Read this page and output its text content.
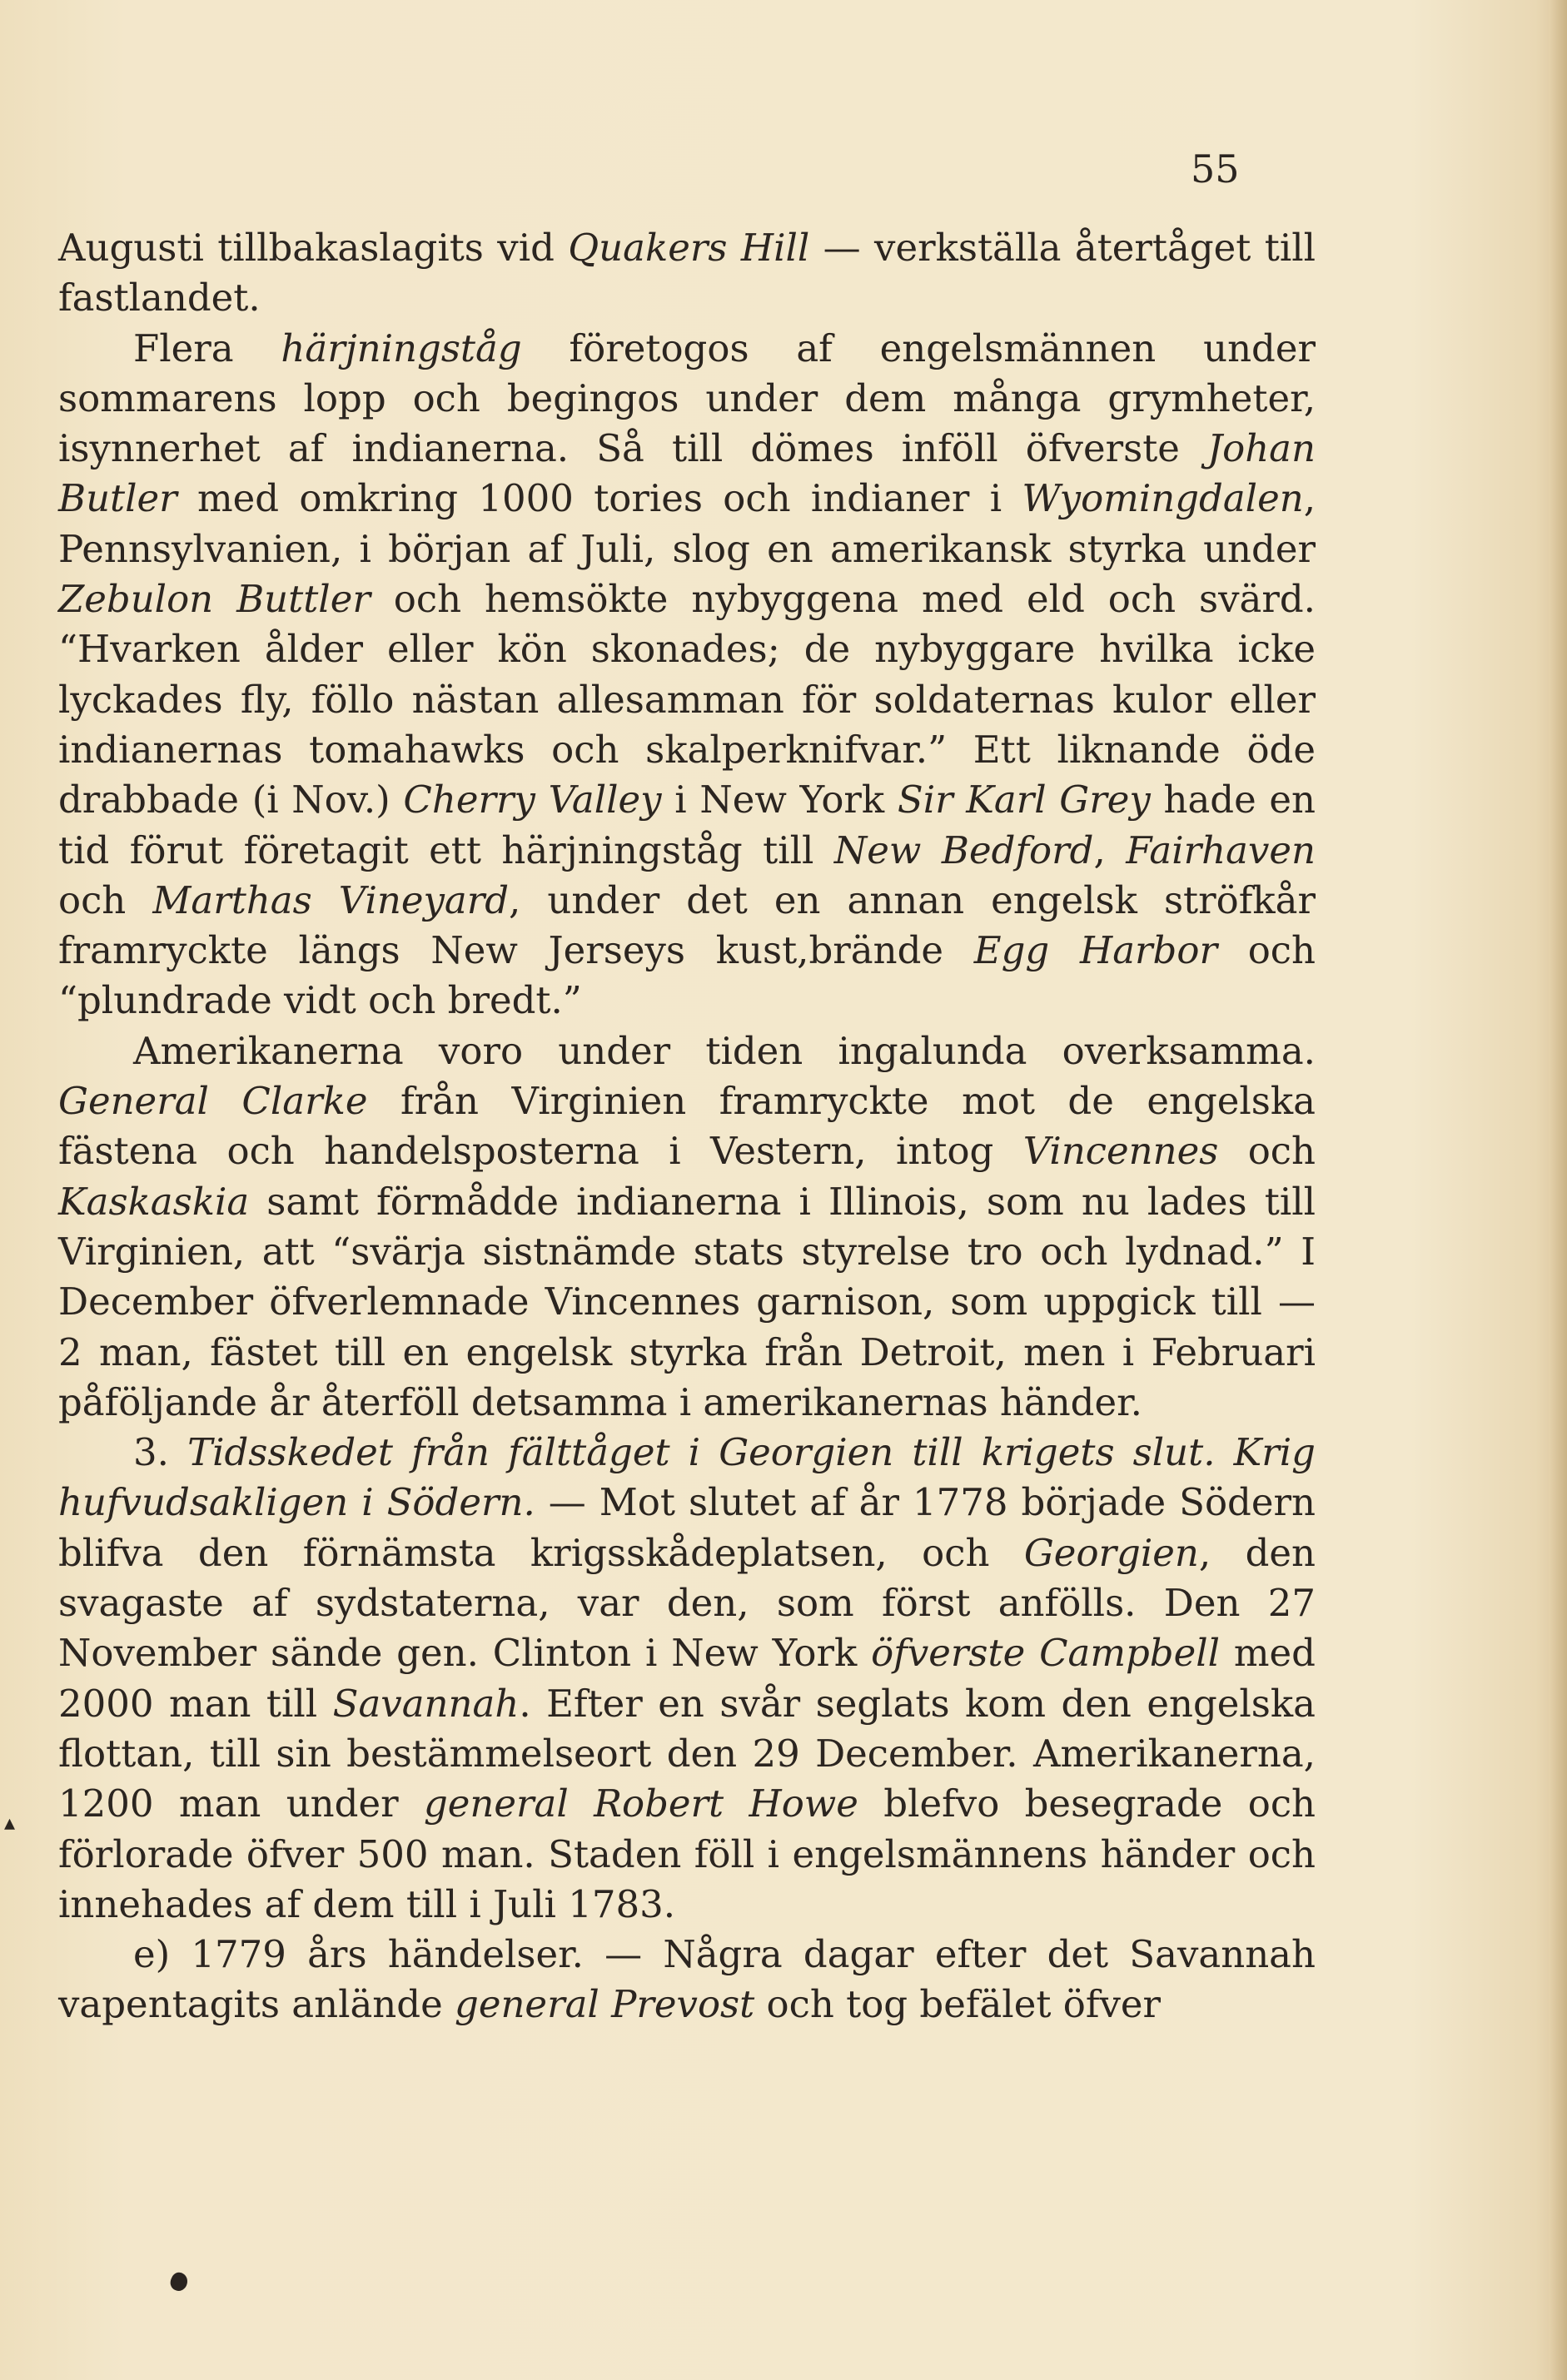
55

Augusti tillbakaslagits vid Quakers Hill — verkställa återtåget till fastlandet.

Flera härjningståg företogos af engelsmännen under sommarens lopp och begingos under dem många grymheter, isynnerhet af indianerna. Så till dömes inföll öfverste Johan Butler med omkring 1000 tories och indianer i Wyomingdalen, Pennsylvanien, i början af Juli, slog en amerikansk styrka under Zebulon Buttler och hemsökte nybyggena med eld och svärd. “Hvarken ålder eller kön skonades; de nybyggare hvilka icke lyckades fly, föllo nästan allesamman för soldaternas kulor eller indianernas tomahawks och skalperknifvar.” Ett liknande öde drabbade (i Nov.) Cherry Valley i New York Sir Karl Grey hade en tid förut företagit ett härjningståg till New Bedford, Fairhaven och Marthas Vineyard, under det en annan engelsk ströfkår framryckte längs New Jerseys kust,brände Egg Harbor och “plundrade vidt och bredt.”

Amerikanerna voro under tiden ingalunda overksamma. General Clarke från Virginien framryckte mot de engelska fästena och handelsposterna i Vestern, intog Vincennes och Kaskaskia samt förmådde indianerna i Illinois, som nu lades till Virginien, att “svärja sistnämde stats styrelse tro och lydnad.” I December öfverlemnade Vincennes garnison, som uppgick till — 2 man, fästet till en engelsk styrka från Detroit, men i Februari påföljande år återföll detsamma i amerikanernas händer.

3. Tidsskedet från fälttåget i Georgien till krigets slut. Krig hufvudsakligen i Södern. — Mot slutet af år 1778 började Södern blifva den förnämsta krigsskådeplatsen, och Georgien, den svagaste af sydstaterna, var den, som först anfölls. Den 27 November sände gen. Clinton i New York öfverste Campbell med 2000 man till Savannah. Efter en svår seglats kom den engelska flottan, till sin bestämmelseort den 29 December. Amerikanerna, 1200 man under general Robert Howe blefvo besegrade och förlorade öfver 500 man. Staden föll i engelsmännens händer och innehades af dem till i Juli 1783.

e) 1779 års händelser. — Några dagar efter det Savannah vapentagits anlände general Prevost och tog befälet öfver

▴
